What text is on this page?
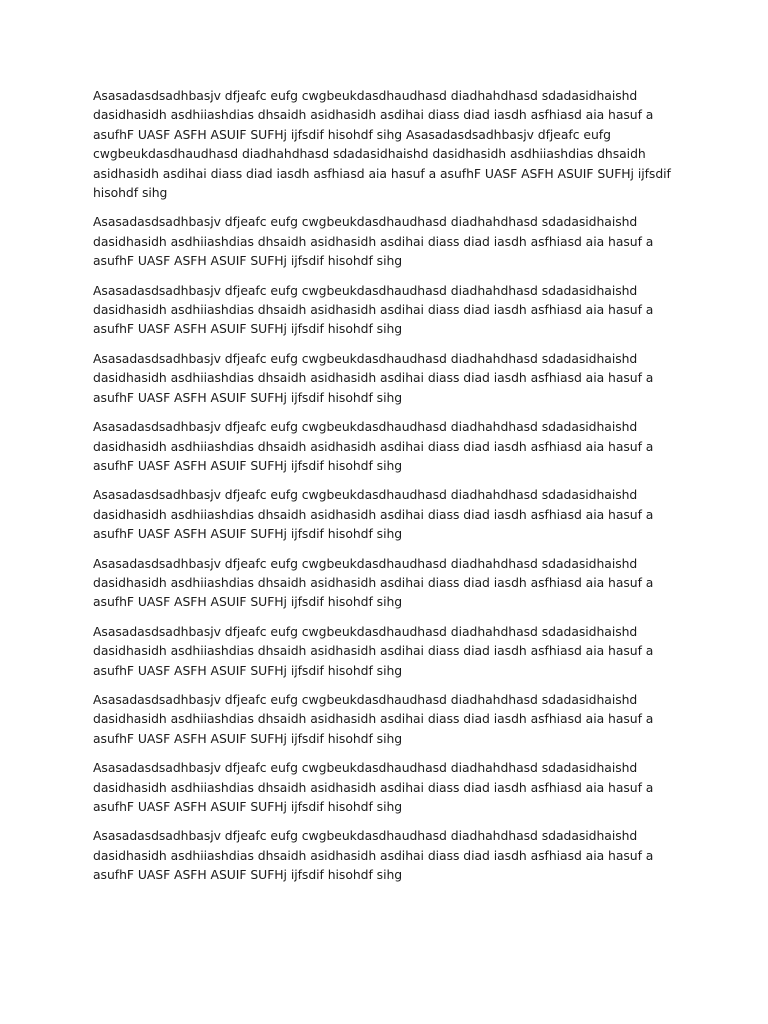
Asasadasdsadhbasjv dfjeafc eufg cwgbeukdasdhaudhasd diadhahdhasd sdadasidhaishd
dasidhasidh asdhiiashdias dhsaidh asidhasidh asdihai diass diad iasdh asfhiasd aia hasuf a
asufhF UASF ASFH ASUIF SUFHj ijfsdif hisohdf sihg Asasadasdsadhbasjv dfjeafc eufg
cwgbeukdasdhaudhasd diadhahdhasd sdadasidhaishd dasidhasidh asdhiiashdias dhsaidh
asidhasidh asdihai diass diad iasdh asfhiasd aia hasuf a asufhF UASF ASFH ASUIF SUFHj ijfsdif
hisohdf sihg

Asasadasdsadhbasjv dfjeafc eufg cwgbeukdasdhaudhasd diadhahdhasd sdadasidhaishd
dasidhasidh asdhiiashdias dhsaidh asidhasidh asdihai diass diad iasdh asfhiasd aia hasuf a
asufhF UASF ASFH ASUIF SUFHj ijfsdif hisohdf sihg

Asasadasdsadhbasjv dfjeafc eufg cwgbeukdasdhaudhasd diadhahdhasd sdadasidhaishd
dasidhasidh asdhiiashdias dhsaidh asidhasidh asdihai diass diad iasdh asfhiasd aia hasuf a
asufhF UASF ASFH ASUIF SUFHj ijfsdif hisohdf sihg

Asasadasdsadhbasjv dfjeafc eufg cwgbeukdasdhaudhasd diadhahdhasd sdadasidhaishd
dasidhasidh asdhiiashdias dhsaidh asidhasidh asdihai diass diad iasdh asfhiasd aia hasuf a
asufhF UASF ASFH ASUIF SUFHj ijfsdif hisohdf sihg

Asasadasdsadhbasjv dfjeafc eufg cwgbeukdasdhaudhasd diadhahdhasd sdadasidhaishd
dasidhasidh asdhiiashdias dhsaidh asidhasidh asdihai diass diad iasdh asfhiasd aia hasuf a
asufhF UASF ASFH ASUIF SUFHj ijfsdif hisohdf sihg

Asasadasdsadhbasjv dfjeafc eufg cwgbeukdasdhaudhasd diadhahdhasd sdadasidhaishd
dasidhasidh asdhiiashdias dhsaidh asidhasidh asdihai diass diad iasdh asfhiasd aia hasuf a
asufhF UASF ASFH ASUIF SUFHj ijfsdif hisohdf sihg

Asasadasdsadhbasjv dfjeafc eufg cwgbeukdasdhaudhasd diadhahdhasd sdadasidhaishd
dasidhasidh asdhiiashdias dhsaidh asidhasidh asdihai diass diad iasdh asfhiasd aia hasuf a
asufhF UASF ASFH ASUIF SUFHj ijfsdif hisohdf sihg

Asasadasdsadhbasjv dfjeafc eufg cwgbeukdasdhaudhasd diadhahdhasd sdadasidhaishd
dasidhasidh asdhiiashdias dhsaidh asidhasidh asdihai diass diad iasdh asfhiasd aia hasuf a
asufhF UASF ASFH ASUIF SUFHj ijfsdif hisohdf sihg

Asasadasdsadhbasjv dfjeafc eufg cwgbeukdasdhaudhasd diadhahdhasd sdadasidhaishd
dasidhasidh asdhiiashdias dhsaidh asidhasidh asdihai diass diad iasdh asfhiasd aia hasuf a
asufhF UASF ASFH ASUIF SUFHj ijfsdif hisohdf sihg

Asasadasdsadhbasjv dfjeafc eufg cwgbeukdasdhaudhasd diadhahdhasd sdadasidhaishd
dasidhasidh asdhiiashdias dhsaidh asidhasidh asdihai diass diad iasdh asfhiasd aia hasuf a
asufhF UASF ASFH ASUIF SUFHj ijfsdif hisohdf sihg

Asasadasdsadhbasjv dfjeafc eufg cwgbeukdasdhaudhasd diadhahdhasd sdadasidhaishd
dasidhasidh asdhiiashdias dhsaidh asidhasidh asdihai diass diad iasdh asfhiasd aia hasuf a
asufhF UASF ASFH ASUIF SUFHj ijfsdif hisohdf sihg
